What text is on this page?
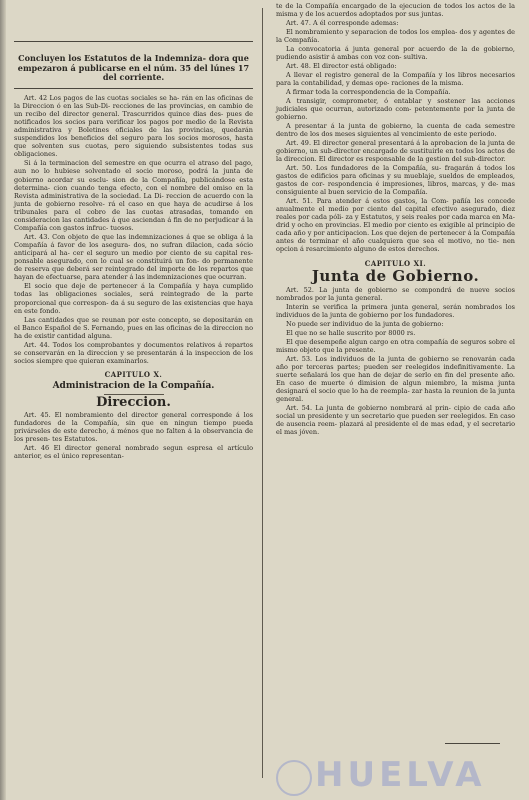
Concluyen los Estatutos de la Indemniza- dora que empezaron á publicarse en el núm. 35 del lúnes 17 del corriente.

Art. 42 Los pagos de las cuotas sociales se ha- rán en las oficinas de la Direccion ó en las Sub-Di- recciones de las provincias, en cambio de un recibo del director general. Trascurridos quince dias des- pues de notificados los socios para verificar los pagos por medio de la Revista administrativa y Boletines oficiales de las provincias, quedarán suspendidos los beneficios del seguro para los socios morosos, hasta que solventen sus cuotas, pero siguiendo subsistentes todas sus obligaciones.

Si á la terminacion del semestre en que ocurra el atraso del pago, aun no lo hubiese solventado el socio moroso, podrá la junta de gobierno acordar su esclu- sion de la Compañía, publicándose esta determina- cion cuando tenga efecto, con el nombre del omiso en la Revista administrativa de la sociedad. La Di- reccion de acuerdo con la junta de gobierno resolve- rá el caso en que haya de acudirse á los tribunales para el cobro de las cuotas atrasadas, tomando en consideracion las cantidades á que asciendan á fin de no perjudicar á la Compañía con gastos infruc- tuosos.

Art. 43. Con objeto de que las indemnizaciones á que se obliga á la Compañía á favor de los asegura- dos, no sufran dilacion, cada sócio anticipará al ha- cer el seguro un medio por ciento de su capital res- ponsable asegurado, con lo cual se constituirá un fon- do permanente de reserva que deberá ser reintegrado del importe de los repartos que hayan de efectuarse, para atender á las indemnizaciones que ocurran.

El socio que deje de pertenecer á la Compañía y haya cumplido todas las obligaciones sociales, será reintegrado de la parte proporcional que correspon- da á su seguro de las existencias que haya en este fondo.

Las cantidades que se reunan por este concepto, se depositarán en el Banco Español de S. Fernando, pues en las oficinas de la direccion no ha de existir cantidad alguna.

Art. 44. Todos los comprobantes y documentos relativos á repartos se conservarán en la direccion y se presentarán á la inspeccion de los socios siempre que quieran examinarlos.

CAPITULO X.
Administracion de la Compañía.
Direccion.

Art. 45. El nombramiento del director general corresponde á los fundadores de la Compañía, sin que en ningun tiempo pueda privárseles de este derecho, á ménos que no falten á la observancia de los presen- tes Estatutos.

Art. 46 El director general nombrado segun espresa el artículo anterior, es el único representan-

te de la Compañía encargado de la ejecucion de todos los actos de la misma y de los acuerdos adoptados por sus juntas.

Art. 47. A él corresponde ademas:

El nombramiento y separacion de todos los emplea- dos y agentes de la Compañía.

La convocatoria á junta general por acuerdo de la de gobierno, pudiendo asistir á ambas con voz con- sultiva.

Art. 48. El director está obligado:

A llevar el registro general de la Compañía y los libros necesarios para la contabilidad, y demas ope- raciones de la misma.

A firmar toda la correspondencia de la Compañía.

A transigir, comprometer, ó entablar y sostener las acciones judiciales que ocurran, autorizado com- petentemente por la junta de gobierno.

A presentar á la junta de gobierno, la cuenta de cada semestre dentro de los dos meses siguientes al vencimiento de este periodo.

Art. 49. El director general presentará á la aprobacion de la junta de gobierno, un sub-director encargado de sustituirle en todos los actos de la direccion. El director es responsable de la gestion del sub-director.

Art. 50. Los fundadores de la Compañía, su- fragarán á todos los gastos de edificios para oficinas y su mueblaje, sueldos de empleados, gastos de cor- respondencia é impresiones, libros, marcas, y de- mas consiguiente al buen servicio de la Compañía.

Art. 51. Para atender á estos gastos, la Com- pañía les concede anualmente el medio por ciento del capital efectivo asegurado, diez reales por cada póli- za y Estatutos, y seis reales por cada marca en Ma- drid y ocho en provincias. El medio por ciento es exigible al principio de cada año y por anticipacion. Los que dejen de pertenecer á la Compañía antes de terminar el año cualquiera que sea el motivo, no tie- nen opcion á resarcimiento alguno de estos derechos.

CAPITULO XI.
Junta de Gobierno.

Art. 52. La junta de gobierno se compondrá de nueve socios nombrados por la junta general.

Interin se verifica la primera junta general, serán nombrados los individuos de la junta de gobierno por los fundadores.

No puede ser individuo de la junta de gobierno:

El que no se halle suscrito por 8000 rs.

El que desempeñe algun cargo en otra compañía de seguros sobre el mismo objeto que la presente.

Art. 53. Los individuos de la junta de gobierno se renovarán cada año por terceras partes; pueden ser reelegidos indefinitivamente. La suerte señalará los que han de dejar de serlo en fin del presente año. En caso de muerte ó dimision de algun miembro, la misma junta designará el socio que lo ha de reempla- zar hasta la reunion de la junta general.

Art. 54. La junta de gobierno nombrará al prin- cipio de cada año social un presidente y un secretario que pueden ser reelegidos. En caso de ausencia reem- plazará al presidente el de mas edad, y el secretario el mas jóven.

HUELVA
